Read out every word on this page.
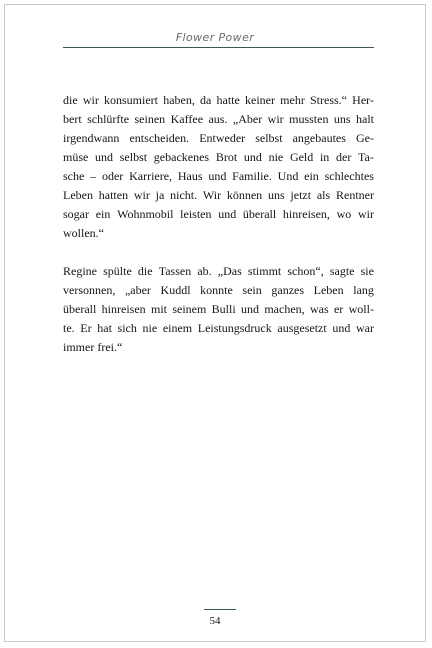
Flower Power
die wir konsumiert haben, da hatte keiner mehr Stress.“ Her-
bert schlürfte seinen Kaffee aus. „Aber wir mussten uns halt
irgendwann entscheiden. Entweder selbst angebautes Ge-
müse und selbst gebackenes Brot und nie Geld in der Ta-
sche – oder Karriere, Haus und Familie. Und ein schlechtes
Leben hatten wir ja nicht. Wir können uns jetzt als Rentner
sogar ein Wohnmobil leisten und überall hinreisen, wo wir
wollen.“
Regine spülte die Tassen ab. „Das stimmt schon“, sagte sie
versonnen, „aber Kuddl konnte sein ganzes Leben lang
überall hinreisen mit seinem Bulli und machen, was er woll-
te. Er hat sich nie einem Leistungsdruck ausgesetzt und war
immer frei.“
54
